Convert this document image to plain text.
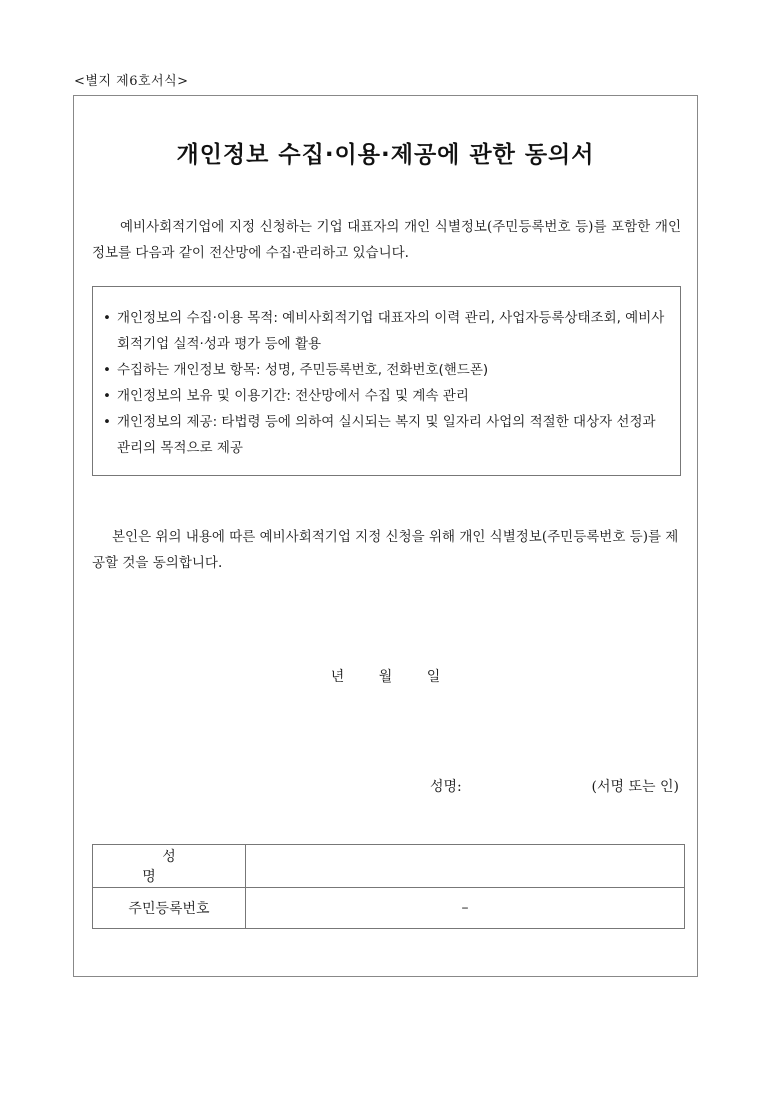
<별지 제6호서식>
개인정보 수집·이용·제공에 관한 동의서
예비사회적기업에 지정 신청하는 기업 대표자의 개인 식별정보(주민등록번호 등)를 포함한 개인정보를 다음과 같이 전산망에 수집·관리하고 있습니다.
• 개인정보의 수집·이용 목적: 예비사회적기업 대표자의 이력 관리, 사업자등록상태조회, 예비사회적기업 실적·성과 평가 등에 활용
• 수집하는 개인정보 항목: 성명, 주민등록번호, 전화번호(핸드폰)
• 개인정보의 보유 및 이용기간: 전산망에서 수집 및 계속 관리
• 개인정보의 제공: 타법령 등에 의하여 실시되는 복지 및 일자리 사업의 적절한 대상자 선정과 관리의 목적으로 제공
본인은 위의 내용에 따른 예비사회적기업 지정 신청을 위해 개인 식별정보(주민등록번호 등)를 제공할 것을 동의합니다.
년 월 일
성명:	(서명 또는 인)
성 명	
주민등록번호	–
